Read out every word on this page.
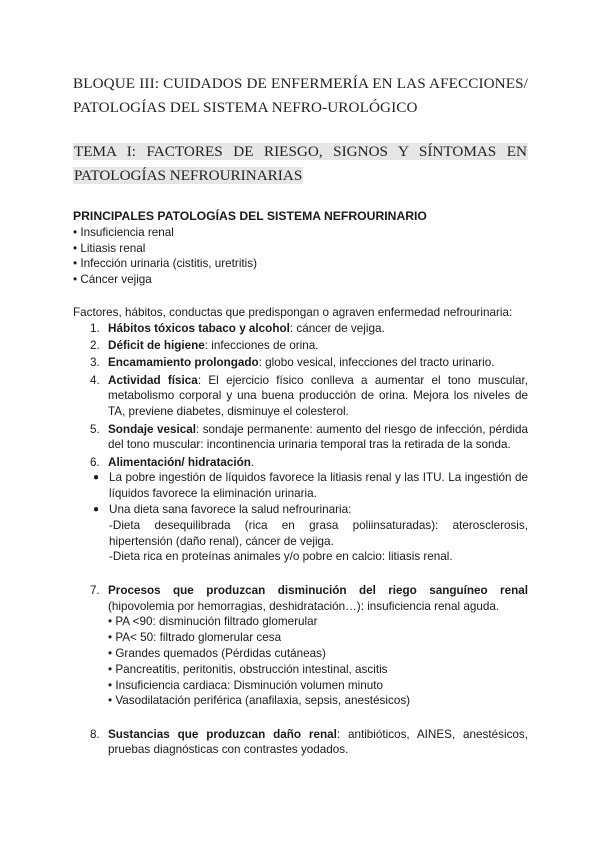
BLOQUE III: CUIDADOS DE ENFERMERÍA EN LAS AFECCIONES/ PATOLOGÍAS DEL SISTEMA NEFRO-UROLÓGICO
TEMA I: FACTORES DE RIESGO, SIGNOS Y SÍNTOMAS EN PATOLOGÍAS NEFROURINARIAS
PRINCIPALES PATOLOGÍAS DEL SISTEMA NEFROURINARIO
• Insuficiencia renal
• Litiasis renal
• Infección urinaria (cistitis, uretritis)
• Cáncer vejiga
Factores, hábitos, conductas que predispongan o agraven enfermedad nefrourinaria:
1. Hábitos tóxicos tabaco y alcohol: cáncer de vejiga.
2. Déficit de higiene: infecciones de orina.
3. Encamamiento prolongado: globo vesical, infecciones del tracto urinario.
4. Actividad física: El ejercicio físico conlleva a aumentar el tono muscular, metabolismo corporal y una buena producción de orina. Mejora los niveles de TA, previene diabetes, disminuye el colesterol.
5. Sondaje vesical: sondaje permanente: aumento del riesgo de infección, pérdida del tono muscular: incontinencia urinaria temporal tras la retirada de la sonda.
6. Alimentación/ hidratación.
● La pobre ingestión de líquidos favorece la litiasis renal y las ITU. La ingestión de líquidos favorece la eliminación urinaria.
● Una dieta sana favorece la salud nefrourinaria:
-Dieta desequilibrada (rica en grasa poliinsaturadas): aterosclerosis, hipertensión (daño renal), cáncer de vejiga.
-Dieta rica en proteínas animales y/o pobre en calcio: litiasis renal.
7. Procesos que produzcan disminución del riego sanguíneo renal (hipovolemia por hemorragias, deshidratación…): insuficiencia renal aguda.
• PA <90: disminución filtrado glomerular
• PA< 50: filtrado glomerular cesa
• Grandes quemados (Pérdidas cutáneas)
• Pancreatitis, peritonitis, obstrucción intestinal, ascitis
• Insuficiencia cardiaca: Disminución volumen minuto
• Vasodilatación periférica (anafilaxia, sepsis, anestésicos)
8. Sustancias que produzcan daño renal: antibióticos, AINES, anestésicos, pruebas diagnósticas con contrastes yodados.
